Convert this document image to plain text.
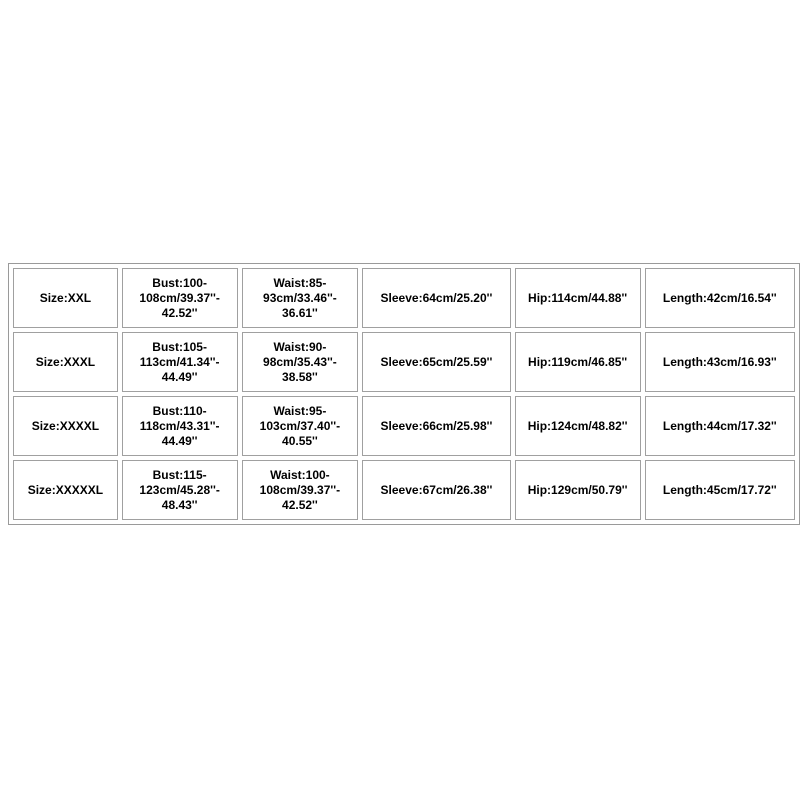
Size:XXL	Bust:100-
108cm/39.37''-
42.52''	Waist:85-
93cm/33.46''-
36.61''	Sleeve:64cm/25.20''	Hip:114cm/44.88''	Length:42cm/16.54''
Size:XXXL	Bust:105-
113cm/41.34''-
44.49''	Waist:90-
98cm/35.43''-
38.58''	Sleeve:65cm/25.59''	Hip:119cm/46.85''	Length:43cm/16.93''
Size:XXXXL	Bust:110-
118cm/43.31''-
44.49''	Waist:95-
103cm/37.40''-
40.55''	Sleeve:66cm/25.98''	Hip:124cm/48.82''	Length:44cm/17.32''
Size:XXXXXL	Bust:115-
123cm/45.28''-
48.43''	Waist:100-
108cm/39.37''-
42.52''	Sleeve:67cm/26.38''	Hip:129cm/50.79''	Length:45cm/17.72''
